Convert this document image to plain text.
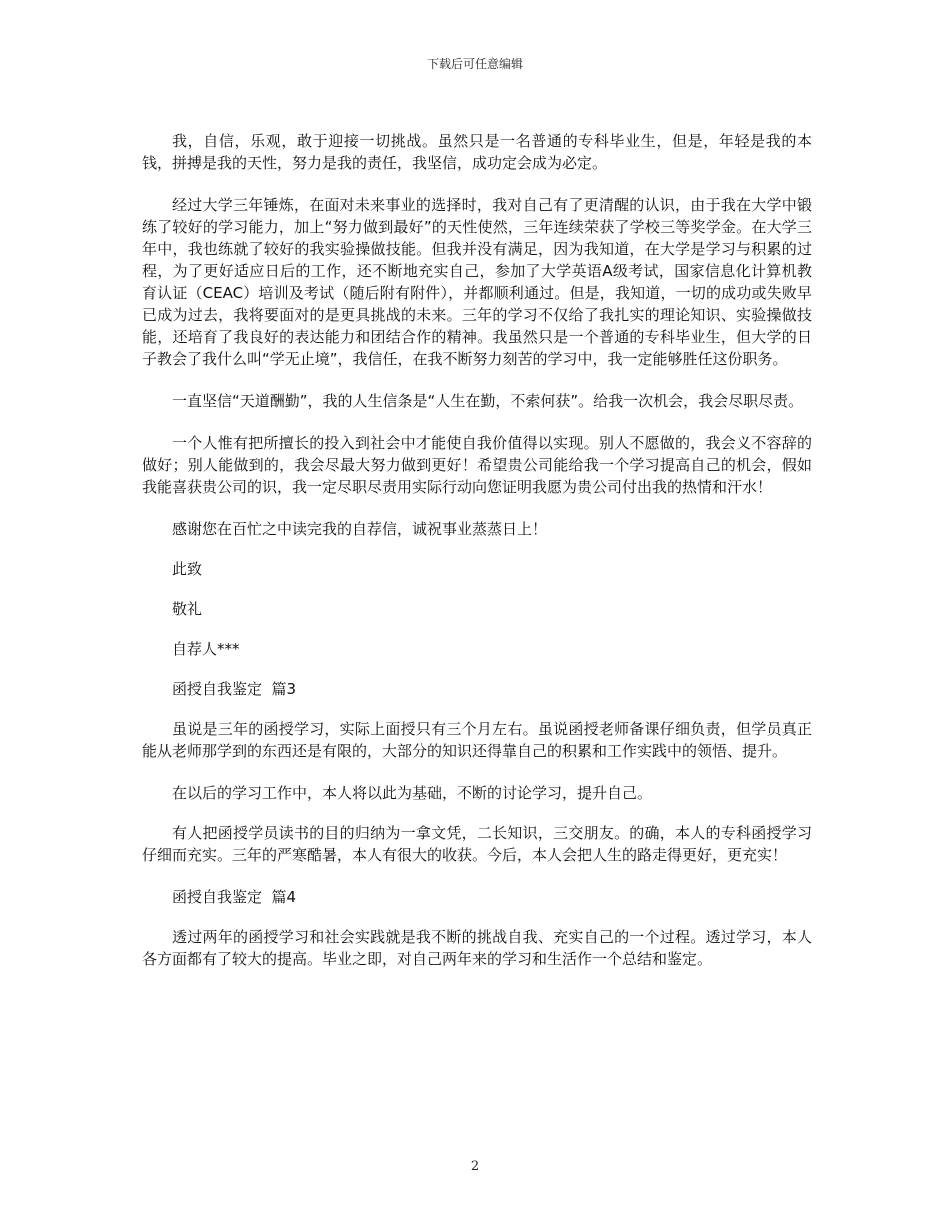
下载后可任意编辑

我，自信，乐观，敢于迎接一切挑战。虽然只是一名普通的专科毕业生，但是，年轻是我的本钱，拼搏是我的天性，努力是我的责任，我坚信，成功定会成为必定。

经过大学三年锤炼，在面对未来事业的选择时，我对自己有了更清醒的认识，由于我在大学中锻练了较好的学习能力，加上“努力做到最好”的天性使然，三年连续荣获了学校三等奖学金。在大学三年中，我也练就了较好的我实验操做技能。但我并没有满足，因为我知道，在大学是学习与积累的过程，为了更好适应日后的工作，还不断地充实自己，参加了大学英语A级考试，国家信息化计算机教育认证（CEAC）培训及考试（随后附有附件），并都顺利通过。但是，我知道，一切的成功或失败早已成为过去，我将要面对的是更具挑战的未来。三年的学习不仅给了我扎实的理论知识、实验操做技能，还培育了我良好的表达能力和团结合作的精神。我虽然只是一个普通的专科毕业生，但大学的日子教会了我什么叫“学无止境”，我信任，在我不断努力刻苦的学习中，我一定能够胜任这份职务。

一直坚信“天道酬勤”，我的人生信条是“人生在勤，不索何获”。给我一次机会，我会尽职尽责。

一个人惟有把所擅长的投入到社会中才能使自我价值得以实现。别人不愿做的，我会义不容辞的做好；别人能做到的，我会尽最大努力做到更好！希望贵公司能给我一个学习提高自己的机会，假如我能喜获贵公司的识，我一定尽职尽责用实际行动向您证明我愿为贵公司付出我的热情和汗水！

感谢您在百忙之中读完我的自荐信，诚祝事业蒸蒸日上！

此致

敬礼

自荐人***

函授自我鉴定  篇3

虽说是三年的函授学习，实际上面授只有三个月左右。虽说函授老师备课仔细负责，但学员真正能从老师那学到的东西还是有限的，大部分的知识还得靠自己的积累和工作实践中的领悟、提升。

在以后的学习工作中，本人将以此为基础，不断的讨论学习，提升自己。

有人把函授学员读书的目的归纳为一拿文凭，二长知识，三交朋友。的确，本人的专科函授学习仔细而充实。三年的严寒酷暑，本人有很大的收获。今后，本人会把人生的路走得更好，更充实！

函授自我鉴定  篇4

透过两年的函授学习和社会实践就是我不断的挑战自我、充实自己的一个过程。透过学习，本人各方面都有了较大的提高。毕业之即，对自己两年来的学习和生活作一个总结和鉴定。

2
